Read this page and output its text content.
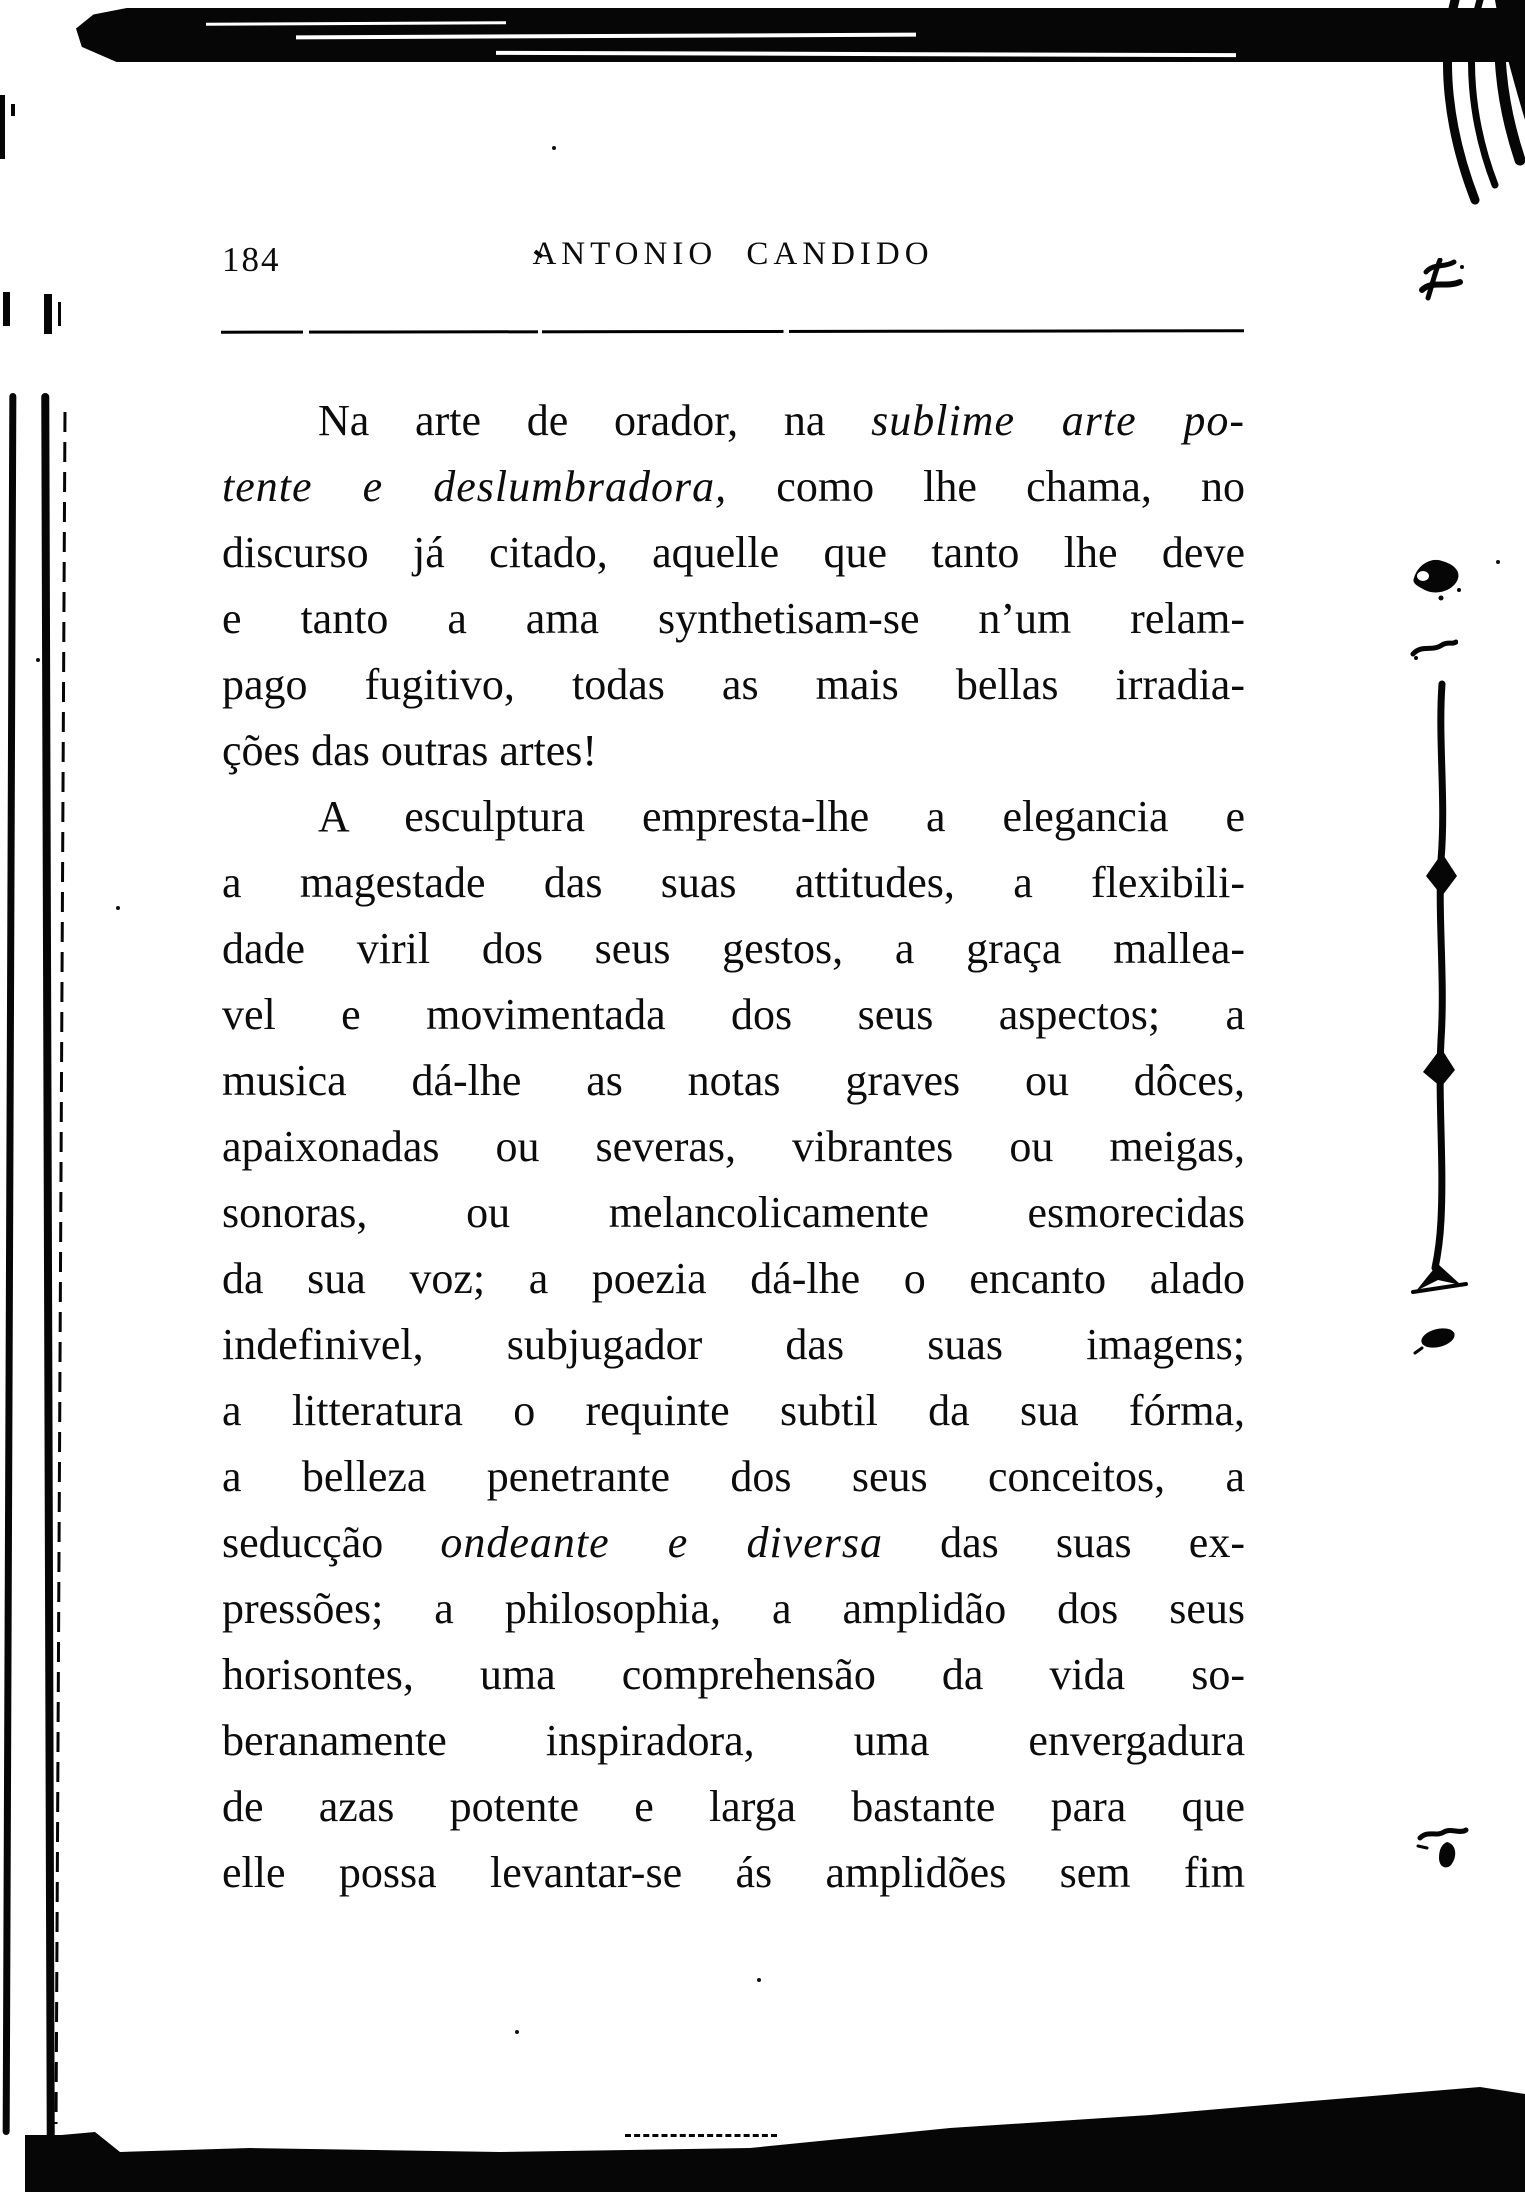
184	ANTONIO CANDIDO
Na arte de orador, na sublime arte po-
tente e deslumbradora, como lhe chama, no
discurso já citado, aquelle que tanto lhe deve
e tanto a ama synthetisam-se n’um relam-
pago fugitivo, todas as mais bellas irradia-
ções das outras artes!
A esculptura empresta-lhe a elegancia e
a magestade das suas attitudes, a flexibili-
dade viril dos seus gestos, a graça mallea-
vel e movimentada dos seus aspectos; a
musica dá-lhe as notas graves ou dôces,
apaixonadas ou severas, vibrantes ou meigas,
sonoras, ou melancolicamente esmorecidas
da sua voz; a poezia dá-lhe o encanto alado
indefinivel, subjugador das suas imagens;
a litteratura o requinte subtil da sua fórma,
a belleza penetrante dos seus conceitos, a
seducção ondeante e diversa das suas ex-
pressões; a philosophia, a amplidão dos seus
horisontes, uma comprehensão da vida so-
beranamente inspiradora, uma envergadura
de azas potente e larga bastante para que
elle possa levantar-se ás amplidões sem fim
